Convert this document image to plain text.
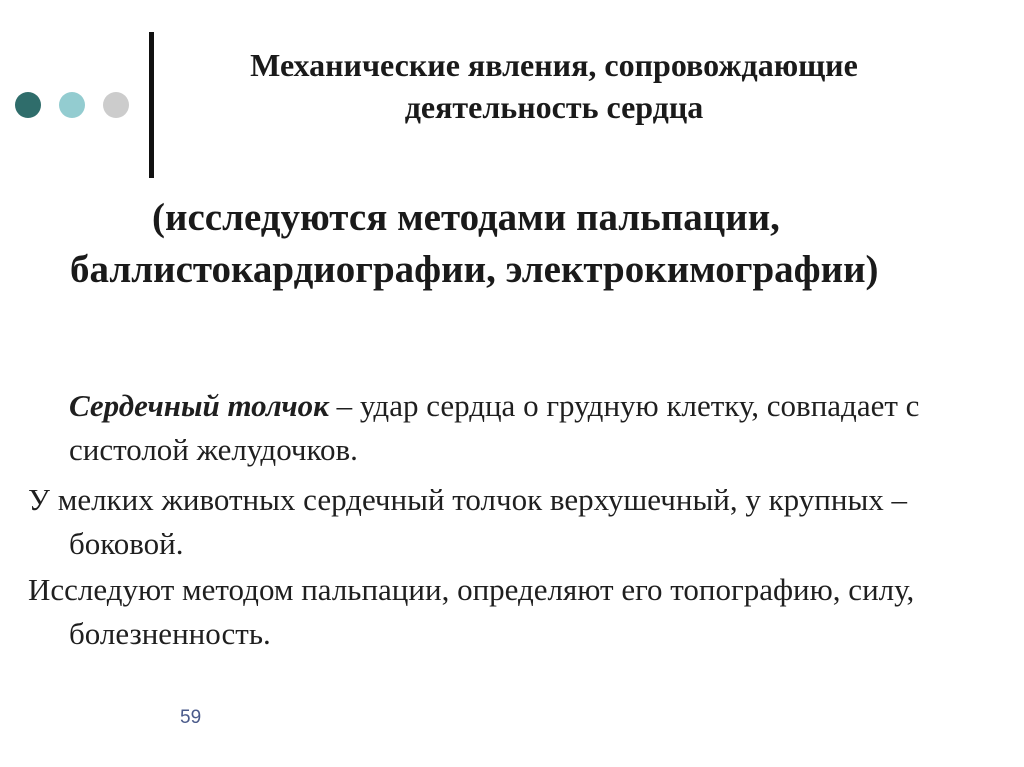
Механические явления, сопровождающие
деятельность сердца
(исследуются методами пальпации,
баллистокардиографии, электрокимографии)
Сердечный толчок – удар сердца о грудную клетку, совпадает с систолой желудочков.
У мелких животных сердечный толчок верхушечный, у крупных –
боковой.
Исследуют методом пальпации, определяют его топографию, силу,
болезненность.
59
